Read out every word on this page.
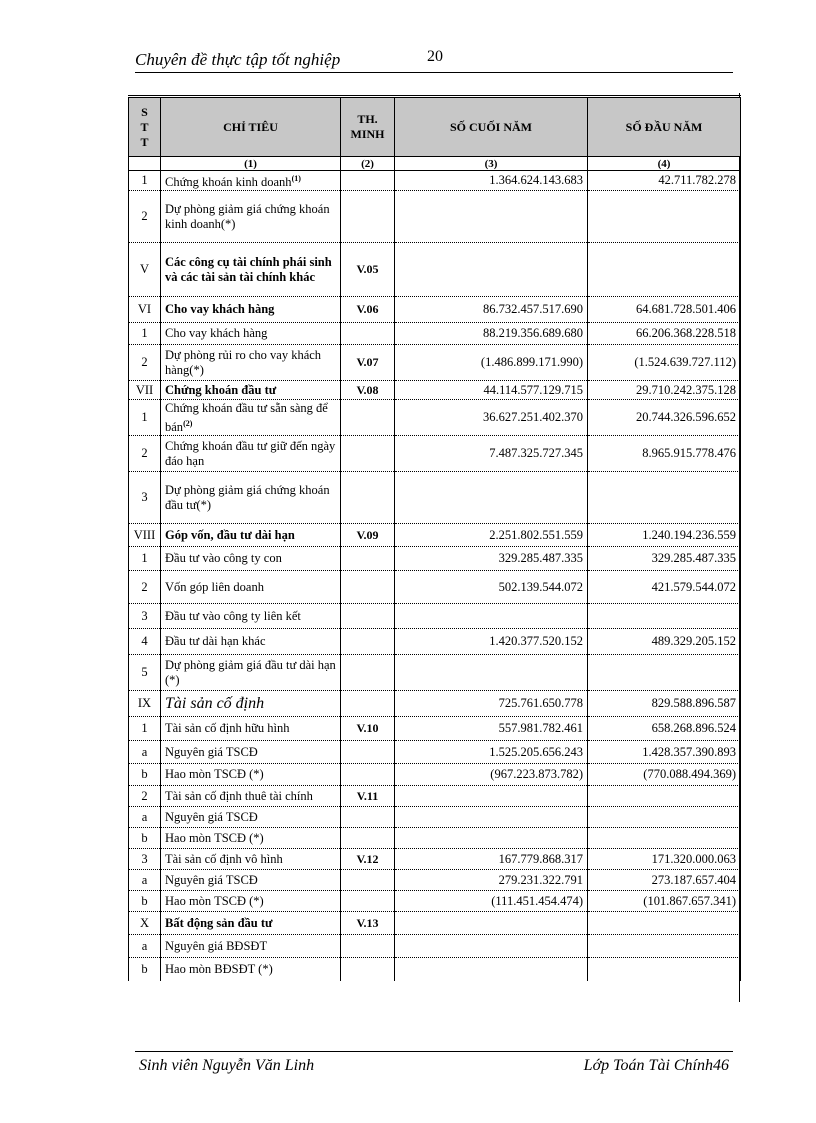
Chuyên đề thực tập tốt nghiệp	20
S T T	CHỈ TIÊU	TH. MINH	SỐ CUỐI NĂM	SỐ ĐẦU NĂM
	(1)	(2)	(3)	(4)
1	Chứng khoán kinh doanh$^{(1)}$		1.364.624.143.683	42.711.782.278
2	Dự phòng giảm giá chứng khoán kinh doanh(*)			
V	Các công cụ tài chính phái sinh và các tài sản tài chính khác	V.05		
VI	Cho vay khách hàng	V.06	86.732.457.517.690	64.681.728.501.406
1	Cho vay khách hàng		88.219.356.689.680	66.206.368.228.518
2	Dự phòng rủi ro cho vay khách hàng(*)	V.07	(1.486.899.171.990)	(1.524.639.727.112)
VII	Chứng khoán đầu tư	V.08	44.114.577.129.715	29.710.242.375.128
1	Chứng khoán đầu tư sẵn sàng để bán$^{(2)}$		36.627.251.402.370	20.744.326.596.652
2	Chứng khoán đầu tư giữ đến ngày đáo hạn		7.487.325.727.345	8.965.915.778.476
3	Dự phòng giảm giá chứng khoán đầu tư(*)			
VIII	Góp vốn, đầu tư dài hạn	V.09	2.251.802.551.559	1.240.194.236.559
1	Đầu tư vào công ty con		329.285.487.335	329.285.487.335
2	Vốn góp liên doanh		502.139.544.072	421.579.544.072
3	Đầu tư vào công ty liên kết			
4	Đầu tư dài hạn khác		1.420.377.520.152	489.329.205.152
5	Dự phòng giảm giá đầu tư dài hạn (*)			
IX	Tài sản cố định		725.761.650.778	829.588.896.587
1	Tài sản cố định hữu hình	V.10	557.981.782.461	658.268.896.524
a	Nguyên giá TSCĐ		1.525.205.656.243	1.428.357.390.893
b	Hao mòn TSCĐ (*)		(967.223.873.782)	(770.088.494.369)
2	Tài sản cố định thuê tài chính	V.11		
a	Nguyên giá TSCĐ			
b	Hao mòn TSCĐ (*)			
3	Tài sản cố định vô hình	V.12	167.779.868.317	171.320.000.063
a	Nguyên giá TSCĐ		279.231.322.791	273.187.657.404
b	Hao mòn TSCĐ (*)		(111.451.454.474)	(101.867.657.341)
X	Bất động sản đầu tư	V.13		
a	Nguyên giá BĐSĐT			
b	Hao mòn BĐSĐT (*)			
Sinh viên Nguyễn Văn Linh	Lớp Toán Tài Chính46
